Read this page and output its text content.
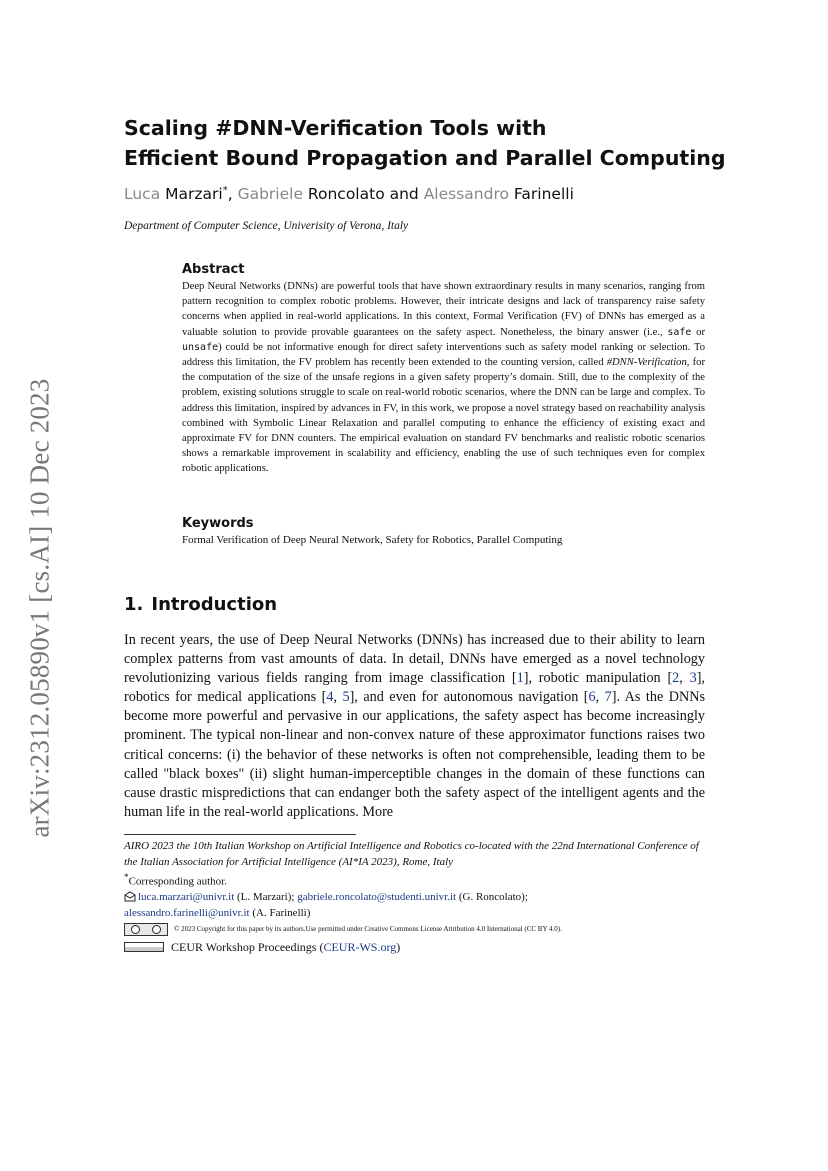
arXiv:2312.05890v1 [cs.AI] 10 Dec 2023
Scaling #DNN-Verification Tools with
Efficient Bound Propagation and Parallel Computing
Luca Marzari*, Gabriele Roncolato and Alessandro Farinelli
Department of Computer Science, Univerisity of Verona, Italy
Abstract

Deep Neural Networks (DNNs) are powerful tools that have shown extraordinary results in many scenarios, ranging from pattern recognition to complex robotic problems. However, their intricate designs and lack of transparency raise safety concerns when applied in real-world applications. In this context, Formal Verification (FV) of DNNs has emerged as a valuable solution to provide provable guarantees on the safety aspect. Nonetheless, the binary answer (i.e., safe or unsafe) could be not informative enough for direct safety interventions such as safety model ranking or selection. To address this limitation, the FV problem has recently been extended to the counting version, called #DNN-Verification, for the computation of the size of the unsafe regions in a given safety property’s domain. Still, due to the complexity of the problem, existing solutions struggle to scale on real-world robotic scenarios, where the DNN can be large and complex. To address this limitation, inspired by advances in FV, in this work, we propose a novel strategy based on reachability analysis combined with Symbolic Linear Relaxation and parallel computing to enhance the efficiency of existing exact and approximate FV for DNN counters. The empirical evaluation on standard FV benchmarks and realistic robotic scenarios shows a remarkable improvement in scalability and efficiency, enabling the use of such techniques even for complex robotic applications.

Keywords

Formal Verification of Deep Neural Network, Safety for Robotics, Parallel Computing

1. Introduction

In recent years, the use of Deep Neural Networks (DNNs) has increased due to their ability to learn complex patterns from vast amounts of data. In detail, DNNs have emerged as a novel technology revolutionizing various fields ranging from image classification [1], robotic manipulation [2, 3], robotics for medical applications [4, 5], and even for autonomous navigation [6, 7]. As the DNNs become more powerful and pervasive in our applications, the safety aspect has become increasingly prominent. The typical non-linear and non-convex nature of these approximator functions raises two critical concerns: (i) the behavior of these networks is often not comprehensible, leading them to be called "black boxes" (ii) slight human-imperceptible changes in the domain of these functions can cause drastic mispredictions that can endanger both the safety aspect of the intelligent agents and the human life in the real-world applications. More

AIRO 2023 the 10th Italian Workshop on Artificial Intelligence and Robotics co-located with the 22nd International Conference of the Italian Association for Artificial Intelligence (AI*IA 2023), Rome, Italy
*Corresponding author.
luca.marzari@univr.it (L. Marzari); gabriele.roncolato@studenti.univr.it (G. Roncolato);
alessandro.farinelli@univr.it (A. Farinelli)
© 2023 Copyright for this paper by its authors.Use permitted under Creative Commons License Attribution 4.0 International (CC BY 4.0).
CEUR Workshop Proceedings (CEUR-WS.org)
